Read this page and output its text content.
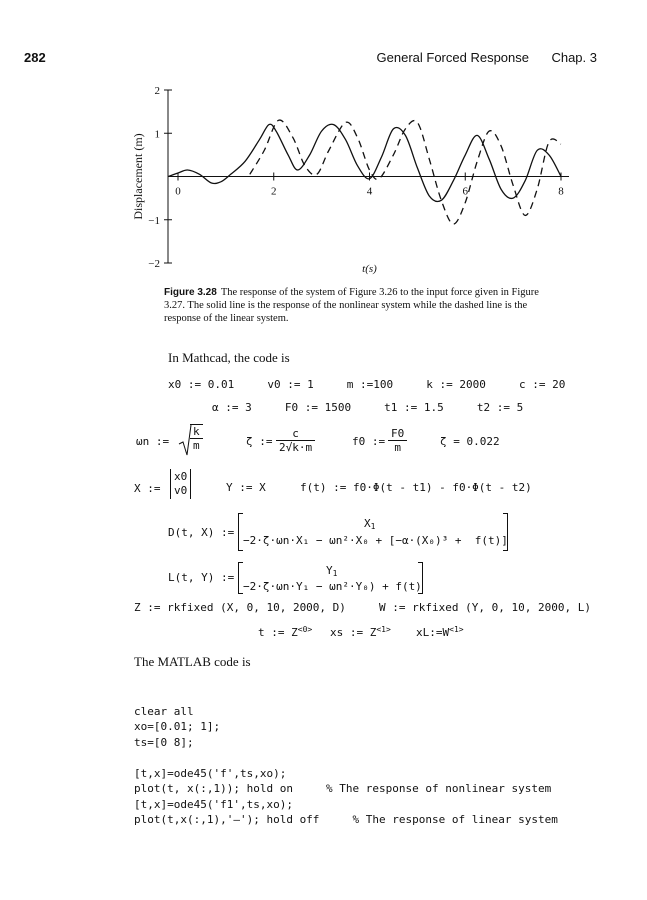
282	General Forced Response Chap. 3
2
1
−1
−2
0	2	4	6	8
t(s)
Displacement (m)
Figure 3.28 The response of the system of Figure 3.26 to the input force given in Figure 3.27. The solid line is the response of the nonlinear system while the dashed line is the response of the linear system.
In Mathcad, the code is
x0 := 0.01     v0 := 1     m :=100     k := 2000     c := 20
α := 3     F0 := 1500     t1 := 1.5     t2 := 5
ωn := $\frac{k}{m}$	ζ := $\frac{c}{2√k\cdot m}$	f0 := $\frac{F0}{m}$	ζ = 0.022
X :=
x0
v0	Y := X	f(t) := f0·Φ(t - t1) - f0·Φ(t - t2)
D(t, X) :=
$X_1$
−2·ζ·ωn·X₁ − ωn²·X₀ + [−α·(X₀)³ +  f(t)]
L(t, Y) :=
$Y_1$
−2·ζ·ωn·Y₁ − ωn²·Y₀) + f(t)
Z := rkfixed (X, 0, 10, 2000, D)     W := rkfixed (Y, 0, 10, 2000, L)
t := $Z^{<0>}$ xs := $Z^{<1>}$ $xL:=W^{<1>}$
The MATLAB code is

clear all
xo=[0.01; 1];
ts=[0 8];
[t,x]=ode45('f',ts,xo);
plot(t, x(:,1)); hold on     % The response of nonlinear system
[t,x]=ode45('f1',ts,xo);
plot(t,x(:,1),'—'); hold off     % The response of linear system
